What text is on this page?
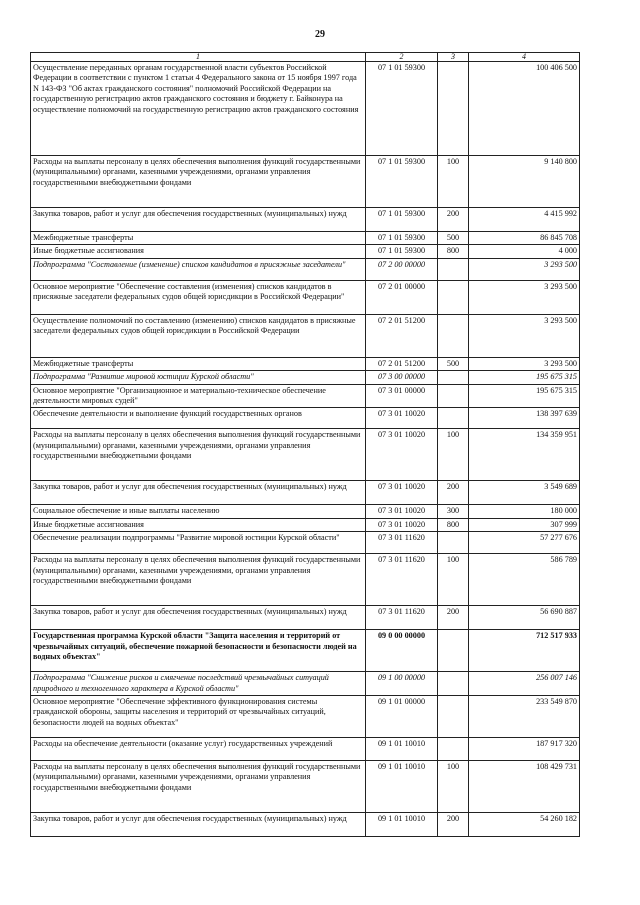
29
1	2	3	4
Осуществление переданных органам государственной власти субъектов Российской Федерации в соответствии с пунктом 1 статьи 4 Федерального закона от 15 ноября 1997 года N 143-ФЗ "Об актах гражданского состояния" полномочий Российской Федерации на государственную регистрацию актов гражданского состояния и бюджету г. Байконура на осуществление полномочий на государственную регистрацию актов гражданского состояния	07 1 01 59300		100 406 500
Расходы на выплаты персоналу в целях обеспечения выполнения функций государственными (муниципальными) органами, казенными учреждениями, органами управления государственными внебюджетными фондами	07 1 01 59300	100	9 140 800
Закупка товаров, работ и услуг для обеспечения государственных (муниципальных) нужд	07 1 01 59300	200	4 415 992
Межбюджетные трансферты	07 1 01 59300	500	86 845 708
Иные бюджетные ассигнования	07 1 01 59300	800	4 000
Подпрограмма "Составление (изменение) списков кандидатов в присяжные заседатели"	07 2 00 00000		3 293 500
Основное мероприятие "Обеспечение составления (изменения) списков кандидатов в присяжные заседатели федеральных судов общей юрисдикции в Российской Федерации"	07 2 01 00000		3 293 500
Осуществление полномочий по составлению (изменению) списков кандидатов в присяжные заседатели федеральных судов общей юрисдикции в Российской Федерации	07 2 01 51200		3 293 500
Межбюджетные трансферты	07 2 01 51200	500	3 293 500
Подпрограмма "Развитие мировой юстиции Курской области"	07 3 00 00000		195 675 315
Основное мероприятие "Организационное и материально-техническое обеспечение деятельности мировых судей"	07 3 01 00000		195 675 315
Обеспечение деятельности и выполнение функций государственных органов	07 3 01 10020		138 397 639
Расходы на выплаты персоналу в целях обеспечения выполнения функций государственными (муниципальными) органами, казенными учреждениями, органами управления государственными внебюджетными фондами	07 3 01 10020	100	134 359 951
Закупка товаров, работ и услуг для обеспечения государственных (муниципальных) нужд	07 3 01 10020	200	3 549 689
Социальное обеспечение и иные выплаты населению	07 3 01 10020	300	180 000
Иные бюджетные ассигнования	07 3 01 10020	800	307 999
Обеспечение реализации подпрограммы "Развитие мировой юстиции Курской области"	07 3 01 11620		57 277 676
Расходы на выплаты персоналу в целях обеспечения выполнения функций государственными (муниципальными) органами, казенными учреждениями, органами управления государственными внебюджетными фондами	07 3 01 11620	100	586 789
Закупка товаров, работ и услуг для обеспечения государственных (муниципальных) нужд	07 3 01 11620	200	56 690 887
Государственная программа Курской области "Защита населения и территорий от чрезвычайных ситуаций, обеспечение пожарной безопасности и безопасности людей на водных объектах"	09 0 00 00000		712 517 933
Подпрограмма "Снижение рисков и смягчение последствий чрезвычайных ситуаций природного и техногенного характера в Курской области"	09 1 00 00000		256 007 146
Основное мероприятие "Обеспечение эффективного функционирования системы гражданской обороны, защиты населения и территорий от чрезвычайных ситуаций, безопасности людей на водных объектах"	09 1 01 00000		233 549 870
Расходы на обеспечение деятельности (оказание услуг) государственных учреждений	09 1 01 10010		187 917 320
Расходы на выплаты персоналу в целях обеспечения выполнения функций государственными (муниципальными) органами, казенными учреждениями, органами управления государственными внебюджетными фондами	09 1 01 10010	100	108 429 731
Закупка товаров, работ и услуг для обеспечения государственных (муниципальных) нужд	09 1 01 10010	200	54 260 182
